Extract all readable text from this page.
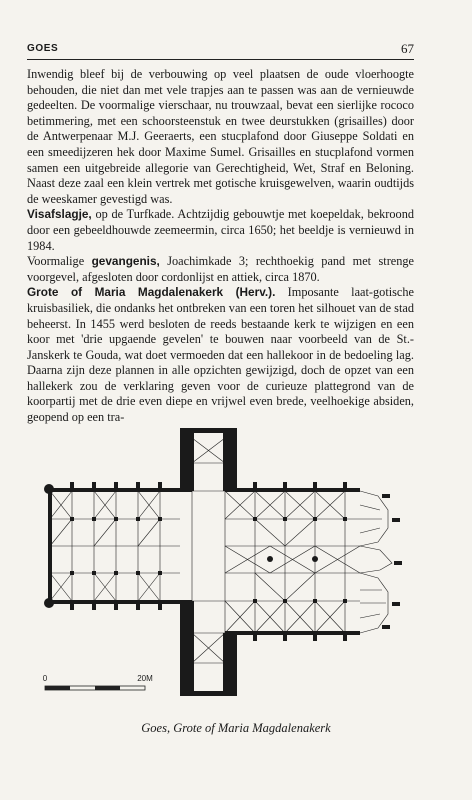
GOES	67

Inwendig bleef bij de verbouwing op veel plaatsen de oude vloerhoogte behouden, die niet dan met vele trapjes aan te passen was aan de vernieuwde gedeelten. De voormalige vierschaar, nu trouwzaal, bevat een sierlijke rococo betimmering, met een schoorsteenstuk en twee deurstukken (grisailles) door de Antwerpenaar M.J. Geeraerts, een stucplafond door Giuseppe Soldati en een smeedijzeren hek door Maxime Sumel. Grisailles en stucplafond vormen samen een uitgebreide allegorie van Gerechtigheid, Wet, Straf en Beloning. Naast deze zaal een klein vertrek met gotische kruisgewelven, waarin oudtijds de weeskamer gevestigd was.

Visafslagje, op de Turfkade. Achtzijdig gebouwtje met koepeldak, bekroond door een gebeeldhouwde zeemeermin, circa 1650; het beeldje is vernieuwd in 1984.

Voormalige gevangenis, Joachimkade 3; rechthoekig pand met strenge voorgevel, afgesloten door cordonlijst en attiek, circa 1870.

Grote of Maria Magdalenakerk (Herv.). Imposante laat-gotische kruisbasiliek, die ondanks het ontbreken van een toren het silhouet van de stad beheerst. In 1455 werd besloten de reeds bestaande kerk te wijzigen en een koor met 'drie upgaende gevelen' te bouwen naar voorbeeld van de St.-Janskerk te Gouda, wat doet vermoeden dat een hallekoor in de bedoeling lag. Daarna zijn deze plannen in alle opzichten gewijzigd, doch de opzet van een hallekerk zou de verklaring geven voor de curieuze plattegrond van de koorpartij met de drie even diepe en vrijwel even brede, veelhoekige absiden, geopend op een tra-

0	20M
Goes, Grote of Maria Magdalenakerk
